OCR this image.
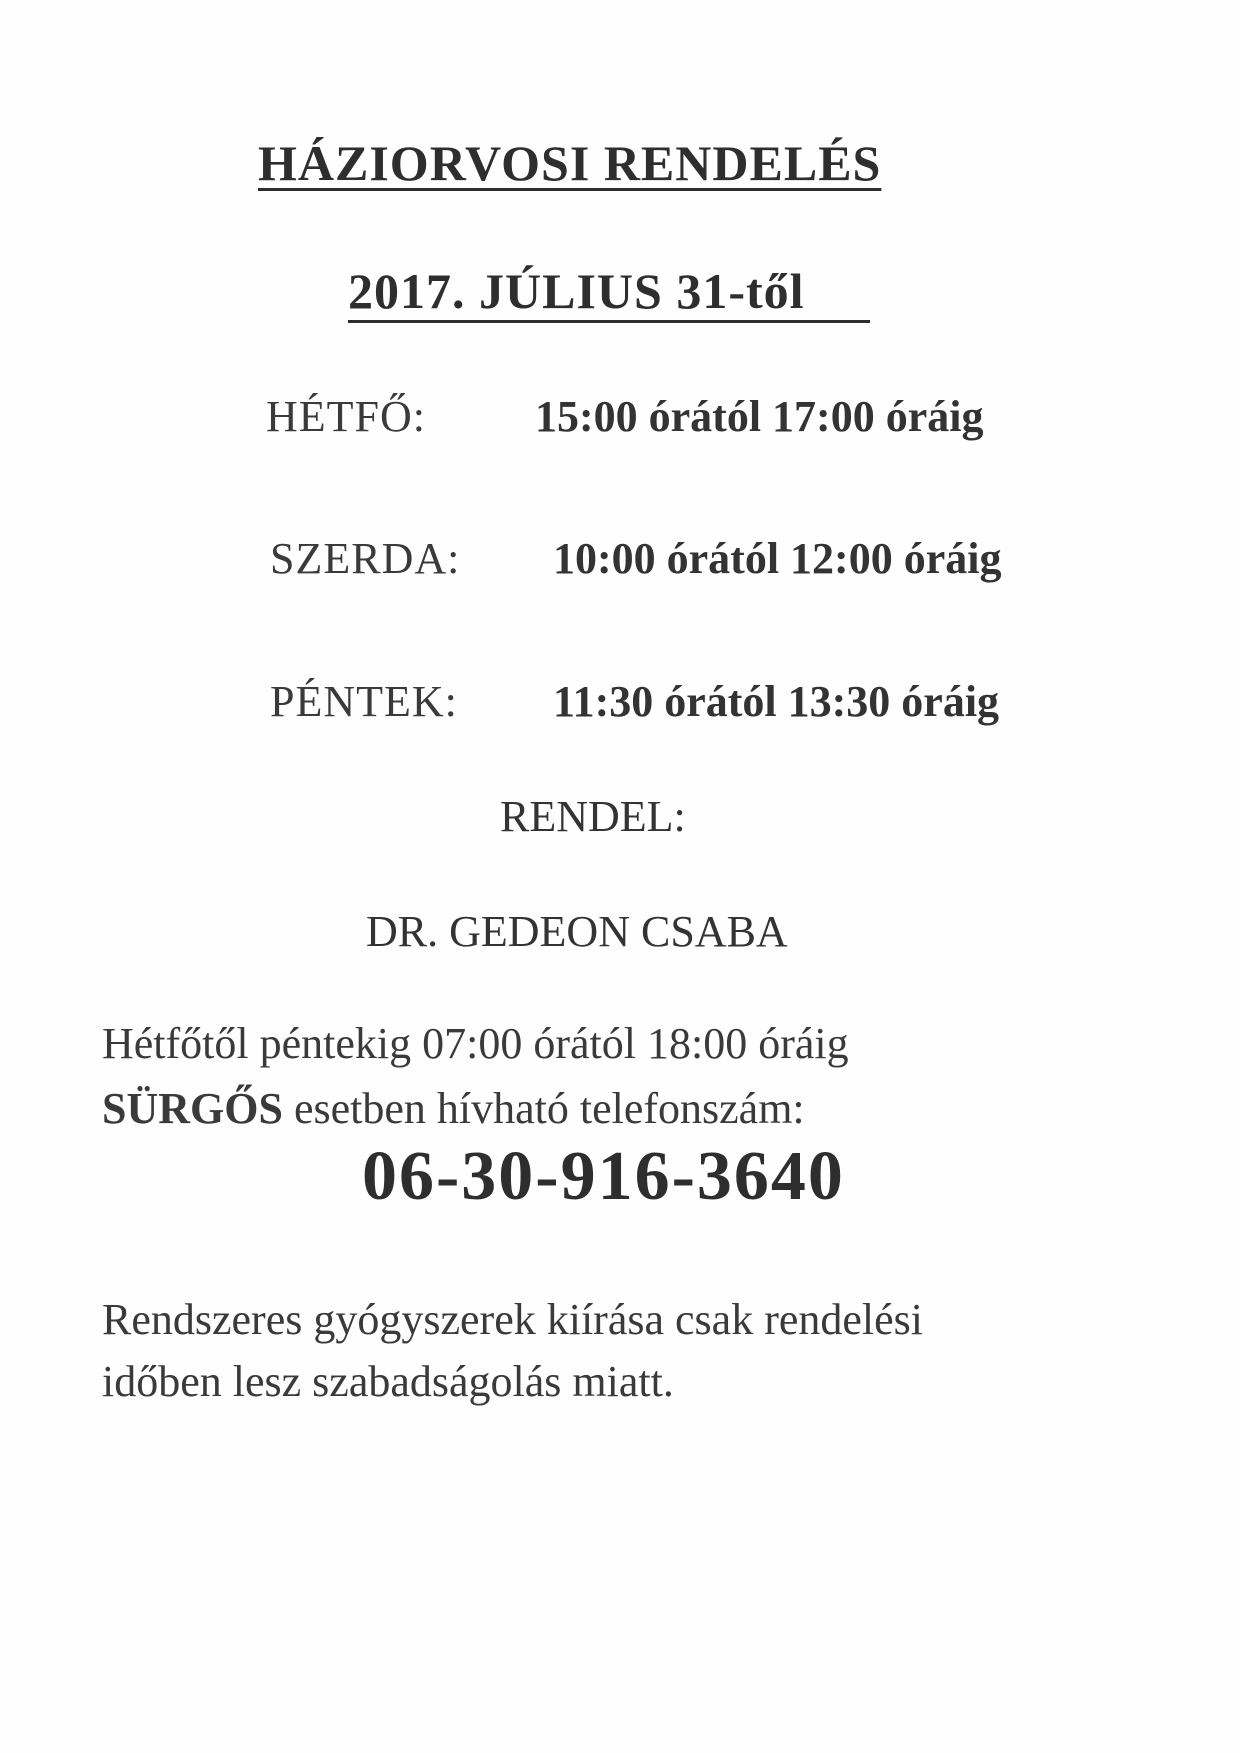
HÁZIORVOSI RENDELÉS
2017. JÚLIUS 31-től
HÉTFŐ: 15:00 órától 17:00 óráig
SZERDA: 10:00 órától 12:00 óráig
PÉNTEK: 11:30 órától 13:30 óráig
RENDEL:
DR. GEDEON CSABA
Hétfőtől péntekig 07:00 órától 18:00 óráig
SÜRGŐS esetben hívható telefonszám:
06-30-916-3640
Rendszeres gyógyszerek kiírása csak rendelési
időben lesz szabadságolás miatt.
